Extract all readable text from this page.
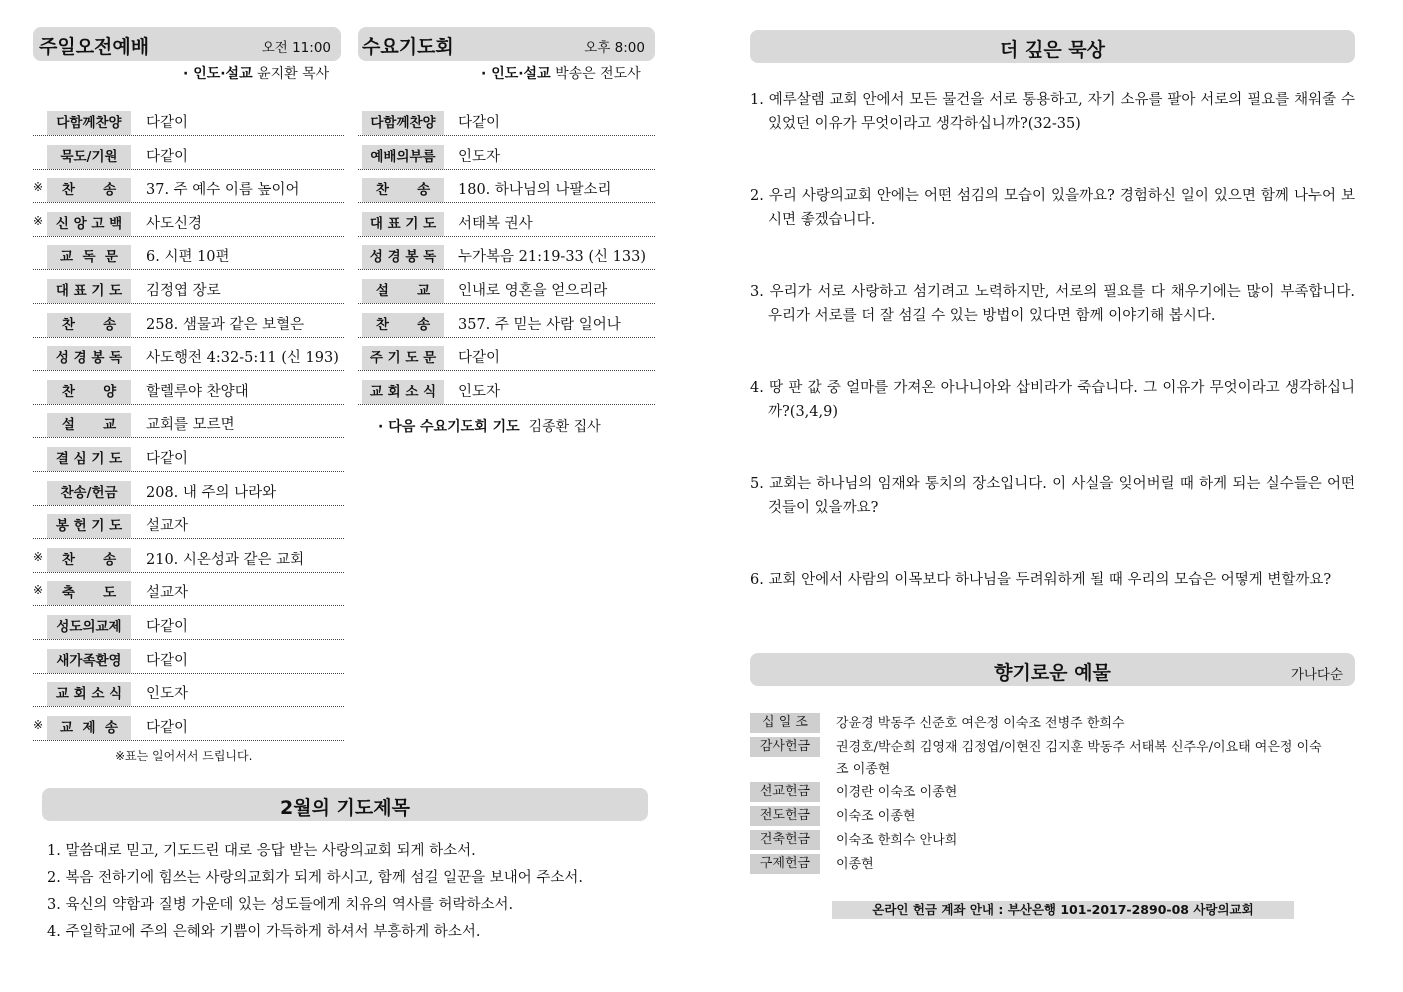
주일오전예배	오전 11:00
· 인도·설교 윤지환 목사
다함께찬양	다같이
묵도/기원	다같이
※	찬      송	37. 주 예수 이름 높이어
※ 신 앙 고 백	사도신경
교  독  문	6. 시편 10편
대 표 기 도	김정엽 장로
찬      송	258. 샘물과 같은 보혈은
성 경 봉 독	사도행전 4:32-5:11 (신 193)
찬      양	할렐루야 찬양대
설      교	교회를 모르면
결 심 기 도	다같이
찬송/헌금	208. 내 주의 나라와
봉 헌 기 도	설교자
※	찬      송	210. 시온성과 같은 교회
※	축      도	설교자
성도의교제	다같이
새가족환영	다같이
교 회 소 식	인도자
※	교  제  송	다같이
※표는 일어서서 드립니다.
수요기도회	오후 8:00
· 인도·설교 박송은 전도사
다함께찬양	다같이
예배의부름	인도자
찬      송	180. 하나님의 나팔소리
대 표 기 도	서태복 권사
성 경 봉 독	누가복음 21:19-33 (신 133)
설      교	인내로 영혼을 얻으리라
찬      송	357. 주 믿는 사람 일어나
주 기 도 문	다같이
교 회 소 식	인도자
· 다음 수요기도회 기도 김종환 집사
2월의 기도제목
1. 말씀대로 믿고, 기도드린 대로 응답 받는 사랑의교회 되게 하소서.
2. 복음 전하기에 힘쓰는 사랑의교회가 되게 하시고, 함께 섬길 일꾼을 보내어 주소서.
3. 육신의 약함과 질병 가운데 있는 성도들에게 치유의 역사를 허락하소서.
4. 주일학교에 주의 은혜와 기쁨이 가득하게 하셔서 부흥하게 하소서.
더 깊은 묵상
1. 예루살렘 교회 안에서 모든 물건을 서로 통용하고, 자기 소유를 팔아 서로의 필요를 채워줄 수 있었던 이유가 무엇이라고 생각하십니까?(32-35)
2. 우리 사랑의교회 안에는 어떤 섬김의 모습이 있을까요? 경험하신 일이 있으면 함께 나누어 보시면 좋겠습니다.
3. 우리가 서로 사랑하고 섬기려고 노력하지만, 서로의 필요를 다 채우기에는 많이 부족합니다. 우리가 서로를 더 잘 섬길 수 있는 방법이 있다면 함께 이야기해 봅시다.
4. 땅 판 값 중 얼마를 가져온 아나니아와 삽비라가 죽습니다. 그 이유가 무엇이라고 생각하십니까?(3,4,9)
5. 교회는 하나님의 임재와 통치의 장소입니다. 이 사실을 잊어버릴 때 하게 되는 실수들은 어떤 것들이 있을까요?
6. 교회 안에서 사람의 이목보다 하나님을 두려워하게 될 때 우리의 모습은 어떻게 변할까요?
향기로운 예물	가나다순
십 일 조	강윤경 박동주 신준호 여은정 이숙조 전병주 한희수
감사헌금	권경호/박순희 김영재 김정엽/이현진 김지훈 박동주 서태복 신주우/이요태 여은정 이숙조 이종현
선교헌금	이경란 이숙조 이종현
전도헌금	이숙조 이종현
건축헌금	이숙조 한희수 안나희
구제헌금	이종현
온라인 헌금 계좌 안내 : 부산은행 101-2017-2890-08 사랑의교회
